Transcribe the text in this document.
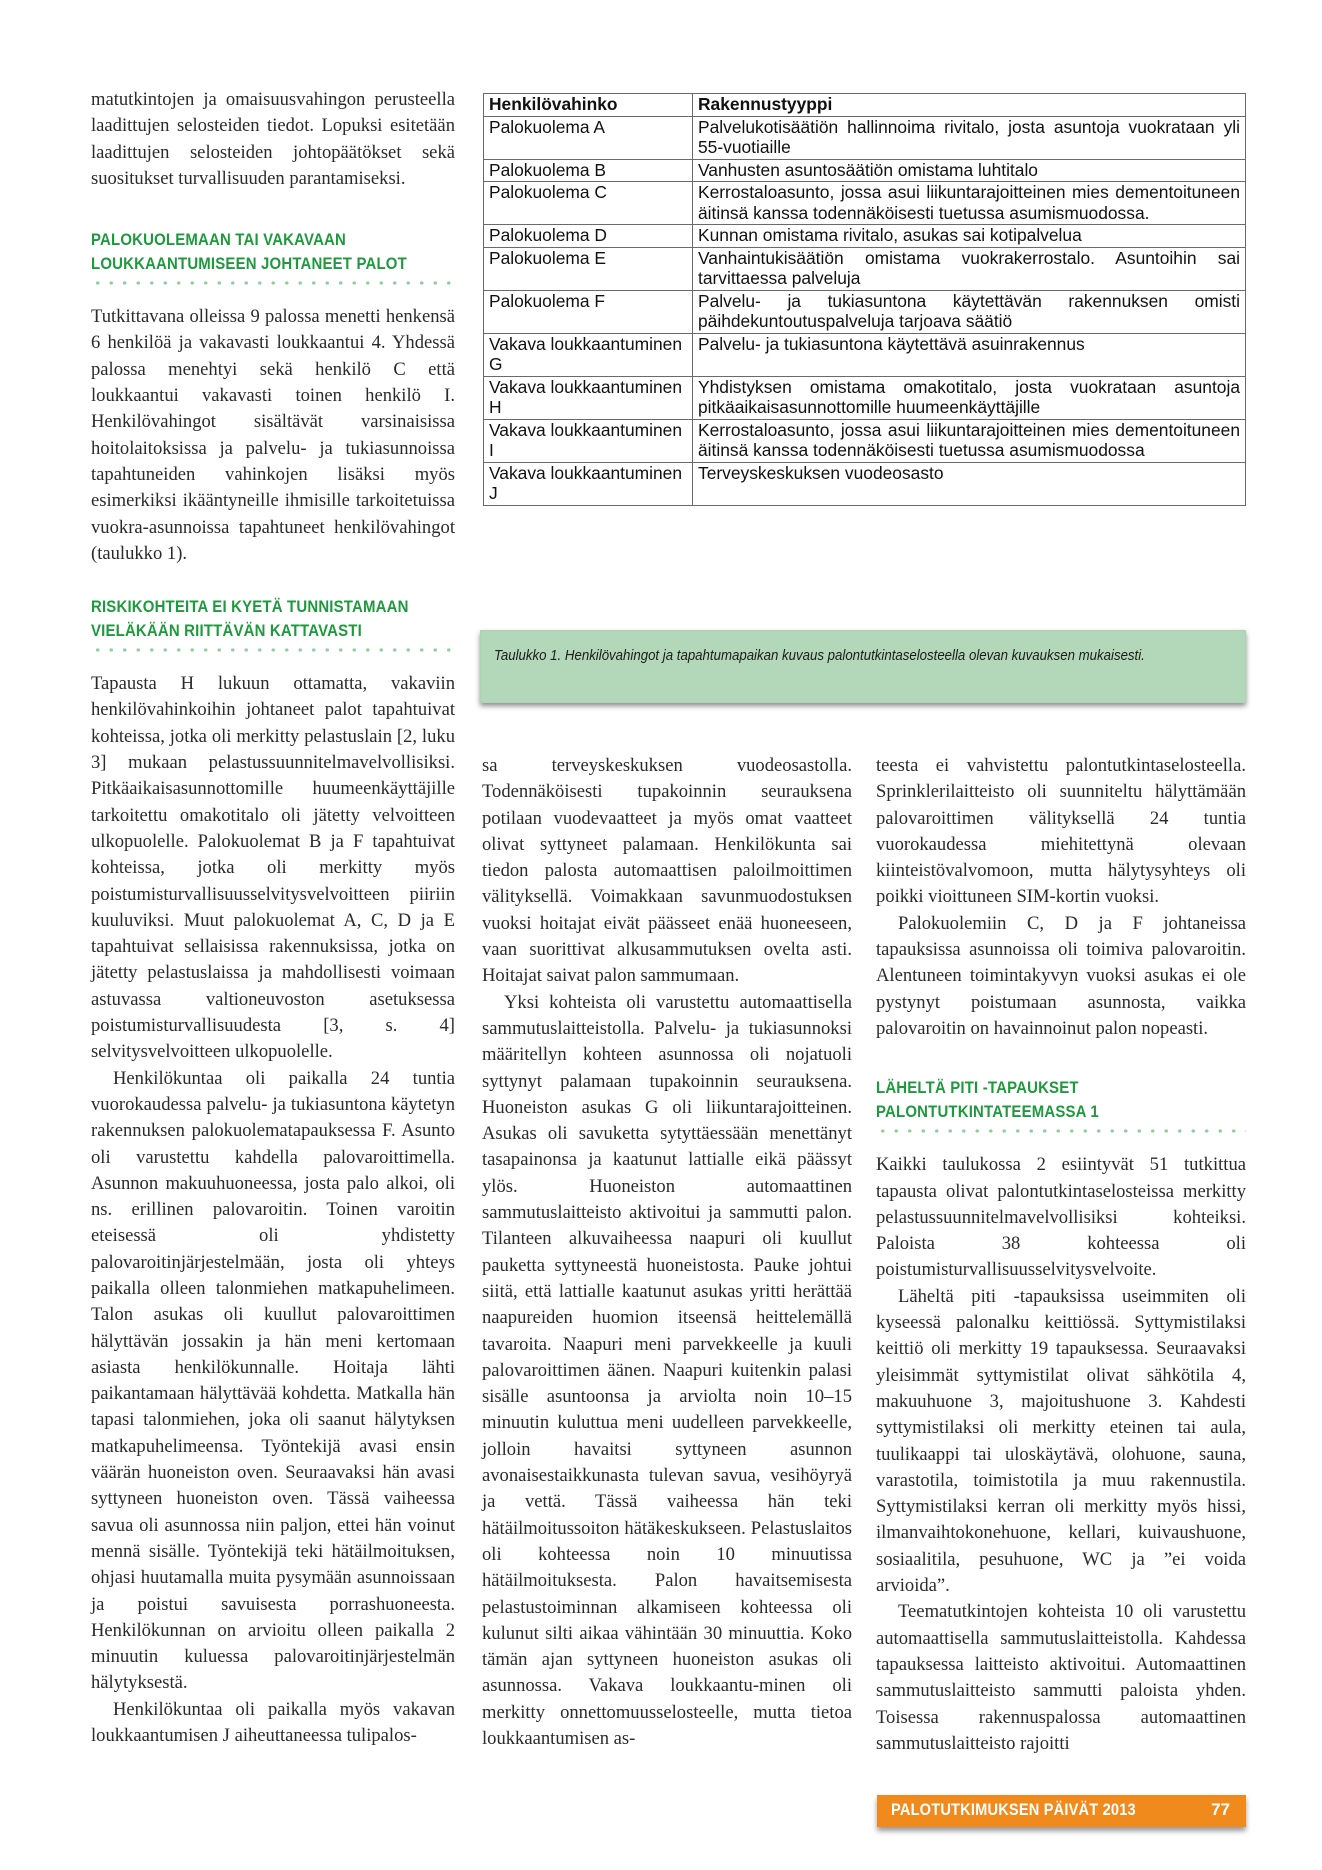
matutkintojen ja omaisuusvahingon perusteella laadittujen selosteiden tiedot. Lopuksi esitetään laadittujen selosteiden johtopäätökset sekä suositukset turvallisuuden parantamiseksi.

PALOKUOLEMAAN TAI VAKAVAAN
LOUKKAANTUMISEEN JOHTANEET PALOT

Tutkittavana olleissa 9 palossa menetti henkensä 6 henkilöä ja vakavasti loukkaantui 4. Yhdessä palossa menehtyi sekä henkilö C että loukkaantui vakavasti toinen henkilö I. Henkilövahingot sisältävät varsinaisissa hoitolaitoksissa ja palvelu- ja tukiasunnoissa tapahtuneiden vahinkojen lisäksi myös esimerkiksi ikääntyneille ihmisille tarkoitetuissa vuokra-asunnoissa tapahtuneet henkilövahingot (taulukko 1).

RISKIKOHTEITA EI KYETÄ TUNNISTAMAAN
VIELÄKÄÄN RIITTÄVÄN KATTAVASTI

Tapausta H lukuun ottamatta, vakaviin henkilövahinkoihin johtaneet palot tapahtuivat kohteissa, jotka oli merkitty pelastuslain [2, luku 3] mukaan pelastussuunnitelmavelvollisiksi. Pitkäaikaisasunnottomille huumeenkäyttäjille tarkoitettu omakotitalo oli jätetty velvoitteen ulkopuolelle. Palokuolemat B ja F tapahtuivat kohteissa, jotka oli merkitty myös poistumisturvallisuusselvitysvelvoitteen piiriin kuuluviksi. Muut palokuolemat A, C, D ja E tapahtuivat sellaisissa rakennuksissa, jotka on jätetty pelastuslaissa ja mahdollisesti voimaan astuvassa valtioneuvoston asetuksessa poistumisturvallisuudesta [3, s. 4] selvitysvelvoitteen ulkopuolelle.

Henkilökuntaa oli paikalla 24 tuntia vuorokaudessa palvelu- ja tukiasuntona käytetyn rakennuksen palokuolematapauksessa F. Asunto oli varustettu kahdella palovaroittimella. Asunnon makuuhuoneessa, josta palo alkoi, oli ns. erillinen palovaroitin. Toinen varoitin eteisessä oli yhdistetty palovaroitinjärjestelmään, josta oli yhteys paikalla olleen talonmiehen matkapuhelimeen. Talon asukas oli kuullut palovaroittimen hälyttävän jossakin ja hän meni kertomaan asiasta henkilökunnalle. Hoitaja lähti paikantamaan hälyttävää kohdetta. Matkalla hän tapasi talonmiehen, joka oli saanut hälytyksen matkapuhelimeensa. Työntekijä avasi ensin väärän huoneiston oven. Seuraavaksi hän avasi syttyneen huoneiston oven. Tässä vaiheessa savua oli asunnossa niin paljon, ettei hän voinut mennä sisälle. Työntekijä teki hätäilmoituksen, ohjasi huutamalla muita pysymään asunnoissaan ja poistui savuisesta porrashuoneesta. Henkilökunnan on arvioitu olleen paikalla 2 minuutin kuluessa palovaroitinjärjestelmän hälytyksestä.

Henkilökuntaa oli paikalla myös vakavan loukkaantumisen J aiheuttaneessa tulipalos-

Henkilövahinko	Rakennustyyppi
Palokuolema A	Palvelukotisäätiön hallinnoima rivitalo, josta asuntoja vuokrataan yli 55-vuotiaille
Palokuolema B	Vanhusten asuntosäätiön omistama luhtitalo
Palokuolema C	Kerrostaloasunto, jossa asui liikuntarajoitteinen mies dementoituneen äitinsä kanssa todennäköisesti tuetussa asumismuodossa.
Palokuolema D	Kunnan omistama rivitalo, asukas sai kotipalvelua
Palokuolema E	Vanhaintukisäätiön omistama vuokrakerrostalo. Asuntoihin sai tarvittaessa palveluja
Palokuolema F	Palvelu- ja tukiasuntona käytettävän rakennuksen omisti päihdekuntoutuspalveluja tarjoava säätiö
Vakava loukkaantuminen G	Palvelu- ja tukiasuntona käytettävä asuinrakennus
Vakava loukkaantuminen H	Yhdistyksen omistama omakotitalo, josta vuokrataan asuntoja pitkäaikaisasunnottomille huumeenkäyttäjille
Vakava loukkaantuminen I	Kerrostaloasunto, jossa asui liikuntarajoitteinen mies dementoituneen äitinsä kanssa todennäköisesti tuetussa asumismuodossa
Vakava loukkaantuminen J	Terveyskeskuksen vuodeosasto
Taulukko 1. Henkilövahingot ja tapahtumapaikan kuvaus palontutkintaselosteella olevan kuvauksen mukaisesti.

sa terveyskeskuksen vuodeosastolla. Todennäköisesti tupakoinnin seurauksena potilaan vuodevaatteet ja myös omat vaatteet olivat syttyneet palamaan. Henkilökunta sai tiedon palosta automaattisen paloilmoittimen välityksellä. Voimakkaan savunmuodostuksen vuoksi hoitajat eivät päässeet enää huoneeseen, vaan suorittivat alkusammutuksen ovelta asti. Hoitajat saivat palon sammumaan.

Yksi kohteista oli varustettu automaattisella sammutuslaitteistolla. Palvelu- ja tukiasunnoksi määritellyn kohteen asunnossa oli nojatuoli syttynyt palamaan tupakoinnin seurauksena. Huoneiston asukas G oli liikuntarajoitteinen. Asukas oli savuketta sytyttäessään menettänyt tasapainonsa ja kaatunut lattialle eikä päässyt ylös. Huoneiston automaattinen sammutuslaitteisto aktivoitui ja sammutti palon. Tilanteen alkuvaiheessa naapuri oli kuullut pauketta syttyneestä huoneistosta. Pauke johtui siitä, että lattialle kaatunut asukas yritti herättää naapureiden huomion itseensä heittelemällä tavaroita. Naapuri meni parvekkeelle ja kuuli palovaroittimen äänen. Naapuri kuitenkin palasi sisälle asuntoonsa ja arviolta noin 10–15 minuutin kuluttua meni uudelleen parvekkeelle, jolloin havaitsi syttyneen asunnon avonaisestaikkunasta tulevan savua, vesihöyryä ja vettä. Tässä vaiheessa hän teki hätäilmoitussoiton hätäkeskukseen. Pelastuslaitos oli kohteessa noin 10 minuutissa hätäilmoituksesta. Palon havaitsemisesta pelastustoiminnan alkamiseen kohteessa oli kulunut silti aikaa vähintään 30 minuuttia. Koko tämän ajan syttyneen huoneiston asukas oli asunnossa. Vakava loukkaantu-minen oli merkitty onnettomuusselosteelle, mutta tietoa loukkaantumisen as-

teesta ei vahvistettu palontutkintaselosteella. Sprinklerilaitteisto oli suunniteltu hälyttämään palovaroittimen välityksellä 24 tuntia vuorokaudessa miehitettynä olevaan kiinteistövalvomoon, mutta hälytysyhteys oli poikki vioittuneen SIM-kortin vuoksi.

Palokuolemiin C, D ja F johtaneissa tapauksissa asunnoissa oli toimiva palovaroitin. Alentuneen toimintakyvyn vuoksi asukas ei ole pystynyt poistumaan asunnosta, vaikka palovaroitin on havainnoinut palon nopeasti.

LÄHELTÄ PITI -TAPAUKSET
PALONTUTKINTATEEMASSA 1

Kaikki taulukossa 2 esiintyvät 51 tutkittua tapausta olivat palontutkintaselosteissa merkitty pelastussuunnitelmavelvollisiksi kohteiksi. Paloista 38 kohteessa oli poistumisturvallisuusselvitysvelvoite.

Läheltä piti -tapauksissa useimmiten oli kyseessä palonalku keittiössä. Syttymistilaksi keittiö oli merkitty 19 tapauksessa. Seuraavaksi yleisimmät syttymistilat olivat sähkötila 4, makuuhuone 3, majoitushuone 3. Kahdesti syttymistilaksi oli merkitty eteinen tai aula, tuulikaappi tai uloskäytävä, olohuone, sauna, varastotila, toimistotila ja muu rakennustila. Syttymistilaksi kerran oli merkitty myös hissi, ilmanvaihtokonehuone, kellari, kuivaushuone, sosiaalitila, pesuhuone, WC ja ”ei voida arvioida”.

Teematutkintojen kohteista 10 oli varustettu automaattisella sammutuslaitteistolla. Kahdessa tapauksessa laitteisto aktivoitui. Automaattinen sammutuslaitteisto sammutti paloista yhden. Toisessa rakennuspalossa automaattinen sammutuslaitteisto rajoitti

PALOTUTKIMUKSEN PÄIVÄT 2013	77
